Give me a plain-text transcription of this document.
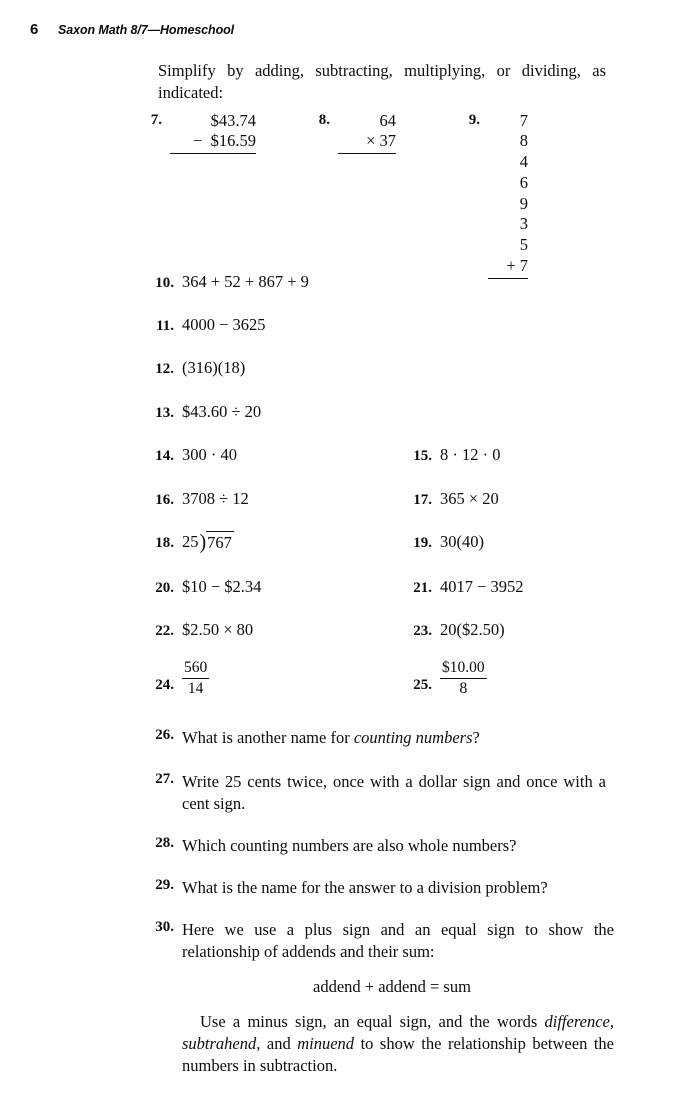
6	Saxon Math 8/7—Homeschool

Simplify by adding, subtracting, multiplying, or dividing, as indicated:

7.	$43.74
−  $16.59
8.	64
× 37
9.	7
8
4
6
9
3
5
+ 7
10. 364 + 52 + 867 + 9
11. 4000 − 3625
12. (316)(18)
13. $43.60 ÷ 20
14. 300 · 40	15. 8 · 12 · 0
16. 3708 ÷ 12	17. 365 × 20
18. 25 ) 767	19. 30(40)
20. $10 − $2.34	21. 4017 − 3952
22. $2.50 × 80	23. 20($2.50)
24. $\frac{560}{14}$	25. $\frac{\$10.00}{8}$
26. What is another name for counting numbers?
27. Write 25 cents twice, once with a dollar sign and once with a cent sign.
28. Which counting numbers are also whole numbers?
29. What is the name for the answer to a division problem?
30. Here we use a plus sign and an equal sign to show the relationship of addends and their sum:
addend + addend = sum
Use a minus sign, an equal sign, and the words difference, subtrahend, and minuend to show the relationship between the numbers in subtraction.
